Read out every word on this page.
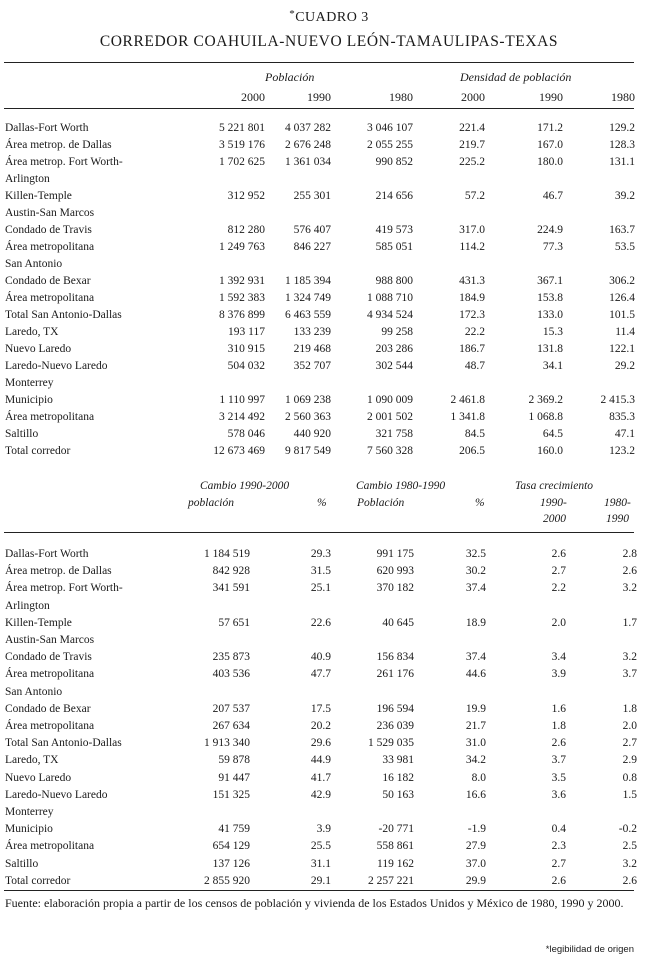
*CUADRO 3
CORREDOR COAHUILA-NUEVO LEÓN-TAMAULIPAS-TEXAS
Población	Densidad de población
2000	1990	1980	2000	1990	1980
Dallas-Fort Worth	5 221 801	4 037 282	3 046 107	221.4	171.2	129.2
Área metrop. de Dallas	3 519 176	2 676 248	2 055 255	219.7	167.0	128.3
Área metrop. Fort Worth-	1 702 625	1 361 034	990 852	225.2	180.0	131.1
Arlington
Killen-Temple	312 952	255 301	214 656	57.2	46.7	39.2
Austin-San Marcos
Condado de Travis	812 280	576 407	419 573	317.0	224.9	163.7
Área metropolitana	1 249 763	846 227	585 051	114.2	77.3	53.5
San Antonio
Condado de Bexar	1 392 931	1 185 394	988 800	431.3	367.1	306.2
Área metropolitana	1 592 383	1 324 749	1 088 710	184.9	153.8	126.4
Total San Antonio-Dallas	8 376 899	6 463 559	4 934 524	172.3	133.0	101.5
Laredo, TX	193 117	133 239	99 258	22.2	15.3	11.4
Nuevo Laredo	310 915	219 468	203 286	186.7	131.8	122.1
Laredo-Nuevo Laredo	504 032	352 707	302 544	48.7	34.1	29.2
Monterrey
Municipio	1 110 997	1 069 238	1 090 009	2 461.8	2 369.2	2 415.3
Área metropolitana	3 214 492	2 560 363	2 001 502	1 341.8	1 068.8	835.3
Saltillo	578 046	440 920	321 758	84.5	64.5	47.1
Total corredor	12 673 469	9 817 549	7 560 328	206.5	160.0	123.2
Cambio 1990-2000	Cambio 1980-1990	Tasa crecimiento
población	%	Población	%	1990-
2000
1980-
1990
Dallas-Fort Worth	1 184 519	29.3	991 175	32.5	2.6	2.8
Área metrop. de Dallas	842 928	31.5	620 993	30.2	2.7	2.6
Área metrop. Fort Worth-	341 591	25.1	370 182	37.4	2.2	3.2
Arlington
Killen-Temple	57 651	22.6	40 645	18.9	2.0	1.7
Austin-San Marcos
Condado de Travis	235 873	40.9	156 834	37.4	3.4	3.2
Área metropolitana	403 536	47.7	261 176	44.6	3.9	3.7
San Antonio
Condado de Bexar	207 537	17.5	196 594	19.9	1.6	1.8
Área metropolitana	267 634	20.2	236 039	21.7	1.8	2.0
Total San Antonio-Dallas	1 913 340	29.6	1 529 035	31.0	2.6	2.7
Laredo, TX	59 878	44.9	33 981	34.2	3.7	2.9
Nuevo Laredo	91 447	41.7	16 182	8.0	3.5	0.8
Laredo-Nuevo Laredo	151 325	42.9	50 163	16.6	3.6	1.5
Monterrey
Municipio	41 759	3.9	-20 771	-1.9	0.4	-0.2
Área metropolitana	654 129	25.5	558 861	27.9	2.3	2.5
Saltillo	137 126	31.1	119 162	37.0	2.7	3.2
Total corredor	2 855 920	29.1	2 257 221	29.9	2.6	2.6
Fuente: elaboración propia a partir de los censos de población y vivienda de los Estados Unidos y México de 1980, 1990 y 2000.
*legibilidad de origen
